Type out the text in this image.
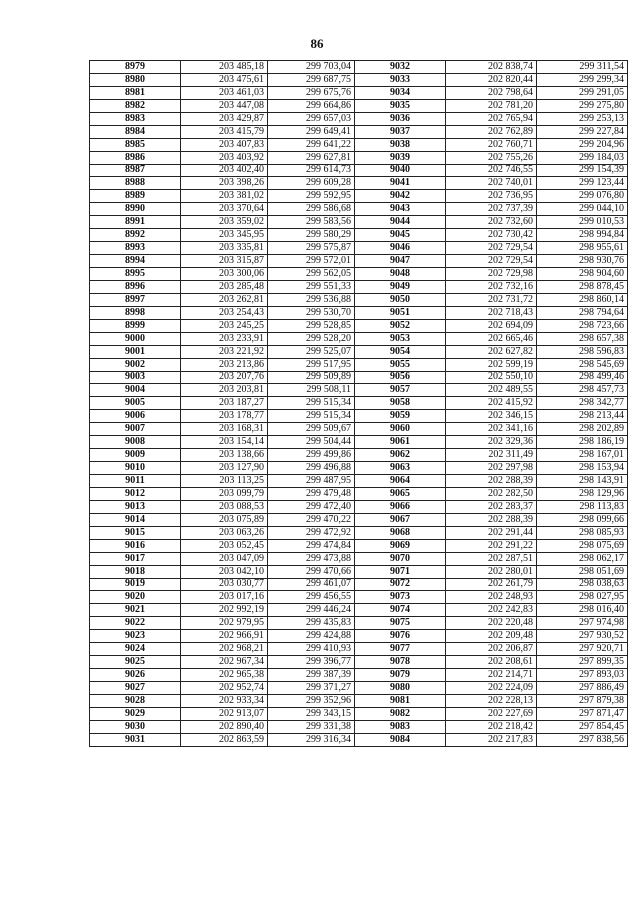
86
8979	203 485,18	299 703,04	9032	202 838,74	299 311,54
8980	203 475,61	299 687,75	9033	202 820,44	299 299,34
8981	203 461,03	299 675,76	9034	202 798,64	299 291,05
8982	203 447,08	299 664,86	9035	202 781,20	299 275,80
8983	203 429,87	299 657,03	9036	202 765,94	299 253,13
8984	203 415,79	299 649,41	9037	202 762,89	299 227,84
8985	203 407,83	299 641,22	9038	202 760,71	299 204,96
8986	203 403,92	299 627,81	9039	202 755,26	299 184,03
8987	203 402,40	299 614,73	9040	202 746,55	299 154,39
8988	203 398,26	299 609,28	9041	202 740,01	299 123,44
8989	203 381,02	299 592,95	9042	202 736,95	299 076,80
8990	203 370,64	299 586,68	9043	202 737,39	299 044,10
8991	203 359,02	299 583,56	9044	202 732,60	299 010,53
8992	203 345,95	299 580,29	9045	202 730,42	298 994,84
8993	203 335,81	299 575,87	9046	202 729,54	298 955,61
8994	203 315,87	299 572,01	9047	202 729,54	298 930,76
8995	203 300,06	299 562,05	9048	202 729,98	298 904,60
8996	203 285,48	299 551,33	9049	202 732,16	298 878,45
8997	203 262,81	299 536,88	9050	202 731,72	298 860,14
8998	203 254,43	299 530,70	9051	202 718,43	298 794,64
8999	203 245,25	299 528,85	9052	202 694,09	298 723,66
9000	203 233,91	299 528,20	9053	202 665,46	298 657,38
9001	203 221,92	299 525,07	9054	202 627,82	298 596,83
9002	203 213,86	299 517,95	9055	202 599,19	298 545,69
9003	203 207,76	299 509,89	9056	202 550,10	298 499,46
9004	203 203,81	299 508,11	9057	202 489,55	298 457,73
9005	203 187,27	299 515,34	9058	202 415,92	298 342,77
9006	203 178,77	299 515,34	9059	202 346,15	298 213,44
9007	203 168,31	299 509,67	9060	202 341,16	298 202,89
9008	203 154,14	299 504,44	9061	202 329,36	298 186,19
9009	203 138,66	299 499,86	9062	202 311,49	298 167,01
9010	203 127,90	299 496,88	9063	202 297,98	298 153,94
9011	203 113,25	299 487,95	9064	202 288,39	298 143,91
9012	203 099,79	299 479,48	9065	202 282,50	298 129,96
9013	203 088,53	299 472,40	9066	202 283,37	298 113,83
9014	203 075,89	299 470,22	9067	202 288,39	298 099,66
9015	203 063,26	299 472,92	9068	202 291,44	298 085,93
9016	203 052,45	299 474,84	9069	202 291,22	298 075,69
9017	203 047,09	299 473,88	9070	202 287,51	298 062,17
9018	203 042,10	299 470,66	9071	202 280,01	298 051,69
9019	203 030,77	299 461,07	9072	202 261,79	298 038,63
9020	203 017,16	299 456,55	9073	202 248,93	298 027,95
9021	202 992,19	299 446,24	9074	202 242,83	298 016,40
9022	202 979,95	299 435,83	9075	202 220,48	297 974,98
9023	202 966,91	299 424,88	9076	202 209,48	297 930,52
9024	202 968,21	299 410,93	9077	202 206,87	297 920,71
9025	202 967,34	299 396,77	9078	202 208,61	297 899,35
9026	202 965,38	299 387,39	9079	202 214,71	297 893,03
9027	202 952,74	299 371,27	9080	202 224,09	297 886,49
9028	202 933,34	299 352,96	9081	202 228,13	297 879,38
9029	202 913,07	299 343,15	9082	202 227,69	297 871,47
9030	202 890,40	299 331,38	9083	202 218,42	297 854,45
9031	202 863,59	299 316,34	9084	202 217,83	297 838,56
